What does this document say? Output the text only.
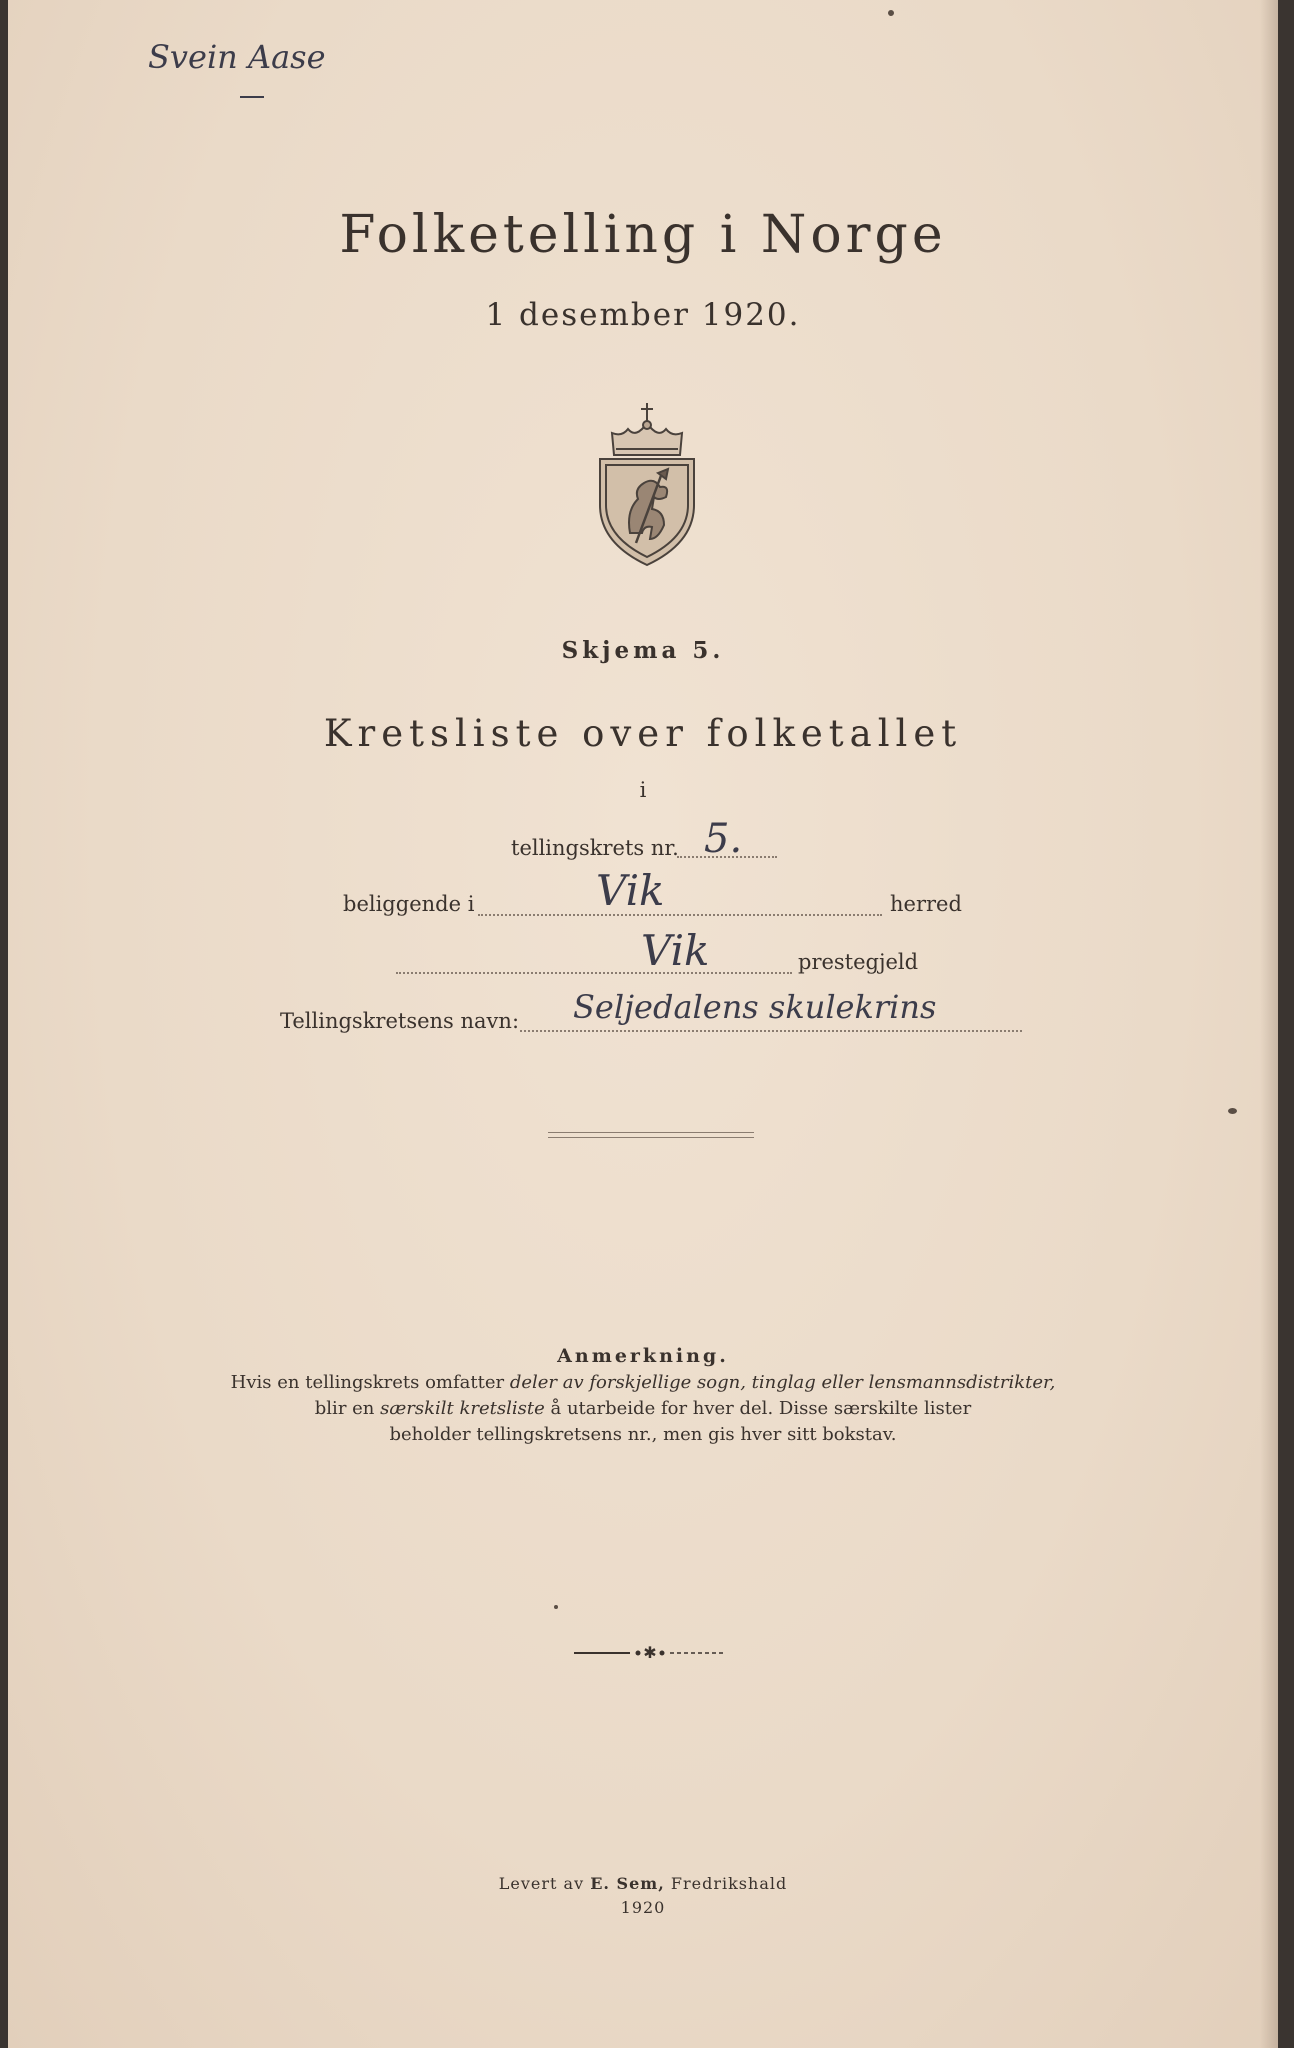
Svein Aase
Folketelling i Norge
1 desember 1920.
Skjema 5.
Kretsliste over folketallet
i
tellingskrets nr. 5.
beliggende i	Vik	herred
Vik	prestegjeld
Tellingskretsens navn: Seljedalens skulekrins
Anmerkning.
Hvis en tellingskrets omfatter deler av forskjellige sogn, tinglag eller lensmannsdistrikter,
blir en særskilt kretsliste å utarbeide for hver del. Disse særskilte lister
beholder tellingskretsens nr., men gis hver sitt bokstav.
✱
Levert av E. Sem, Fredrikshald
1920
